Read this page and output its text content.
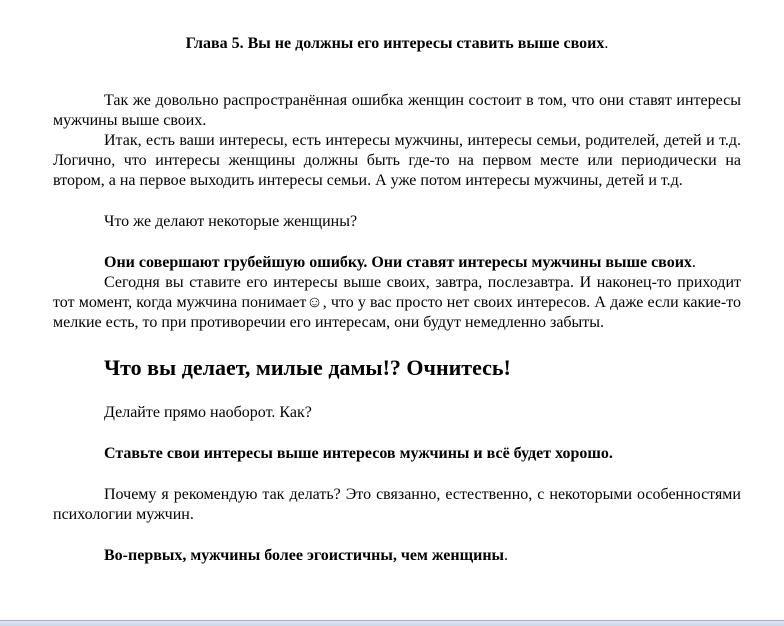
Глава 5. Вы не должны его интересы ставить выше своих.

Так же довольно распространённая ошибка женщин состоит в том, что они ставят интересы мужчины выше своих.

Итак, есть ваши интересы, есть интересы мужчины, интересы семьи, родителей, детей и т.д. Логично, что интересы женщины должны быть где-то на первом месте или периодически на втором, а на первое выходить интересы семьи. А уже потом интересы мужчины, детей и т.д.

Что же делают некоторые женщины?

Они совершают грубейшую ошибку. Они ставят интересы мужчины выше своих.

Сегодня вы ставите его интересы выше своих, завтра, послезавтра. И наконец-то приходит тот момент, когда мужчина понимает☺, что у вас просто нет своих интересов. А даже если какие-то мелкие есть, то при противоречии его интересам, они будут немедленно забыты.

Что вы делает, милые дамы!? Очнитесь!

Делайте прямо наоборот. Как?

Ставьте свои интересы выше интересов мужчины и всё будет хорошо.

Почему я рекомендую так делать? Это связанно, естественно, с некоторыми особенностями психологии мужчин.

Во-первых, мужчины более эгоистичны, чем женщины.
